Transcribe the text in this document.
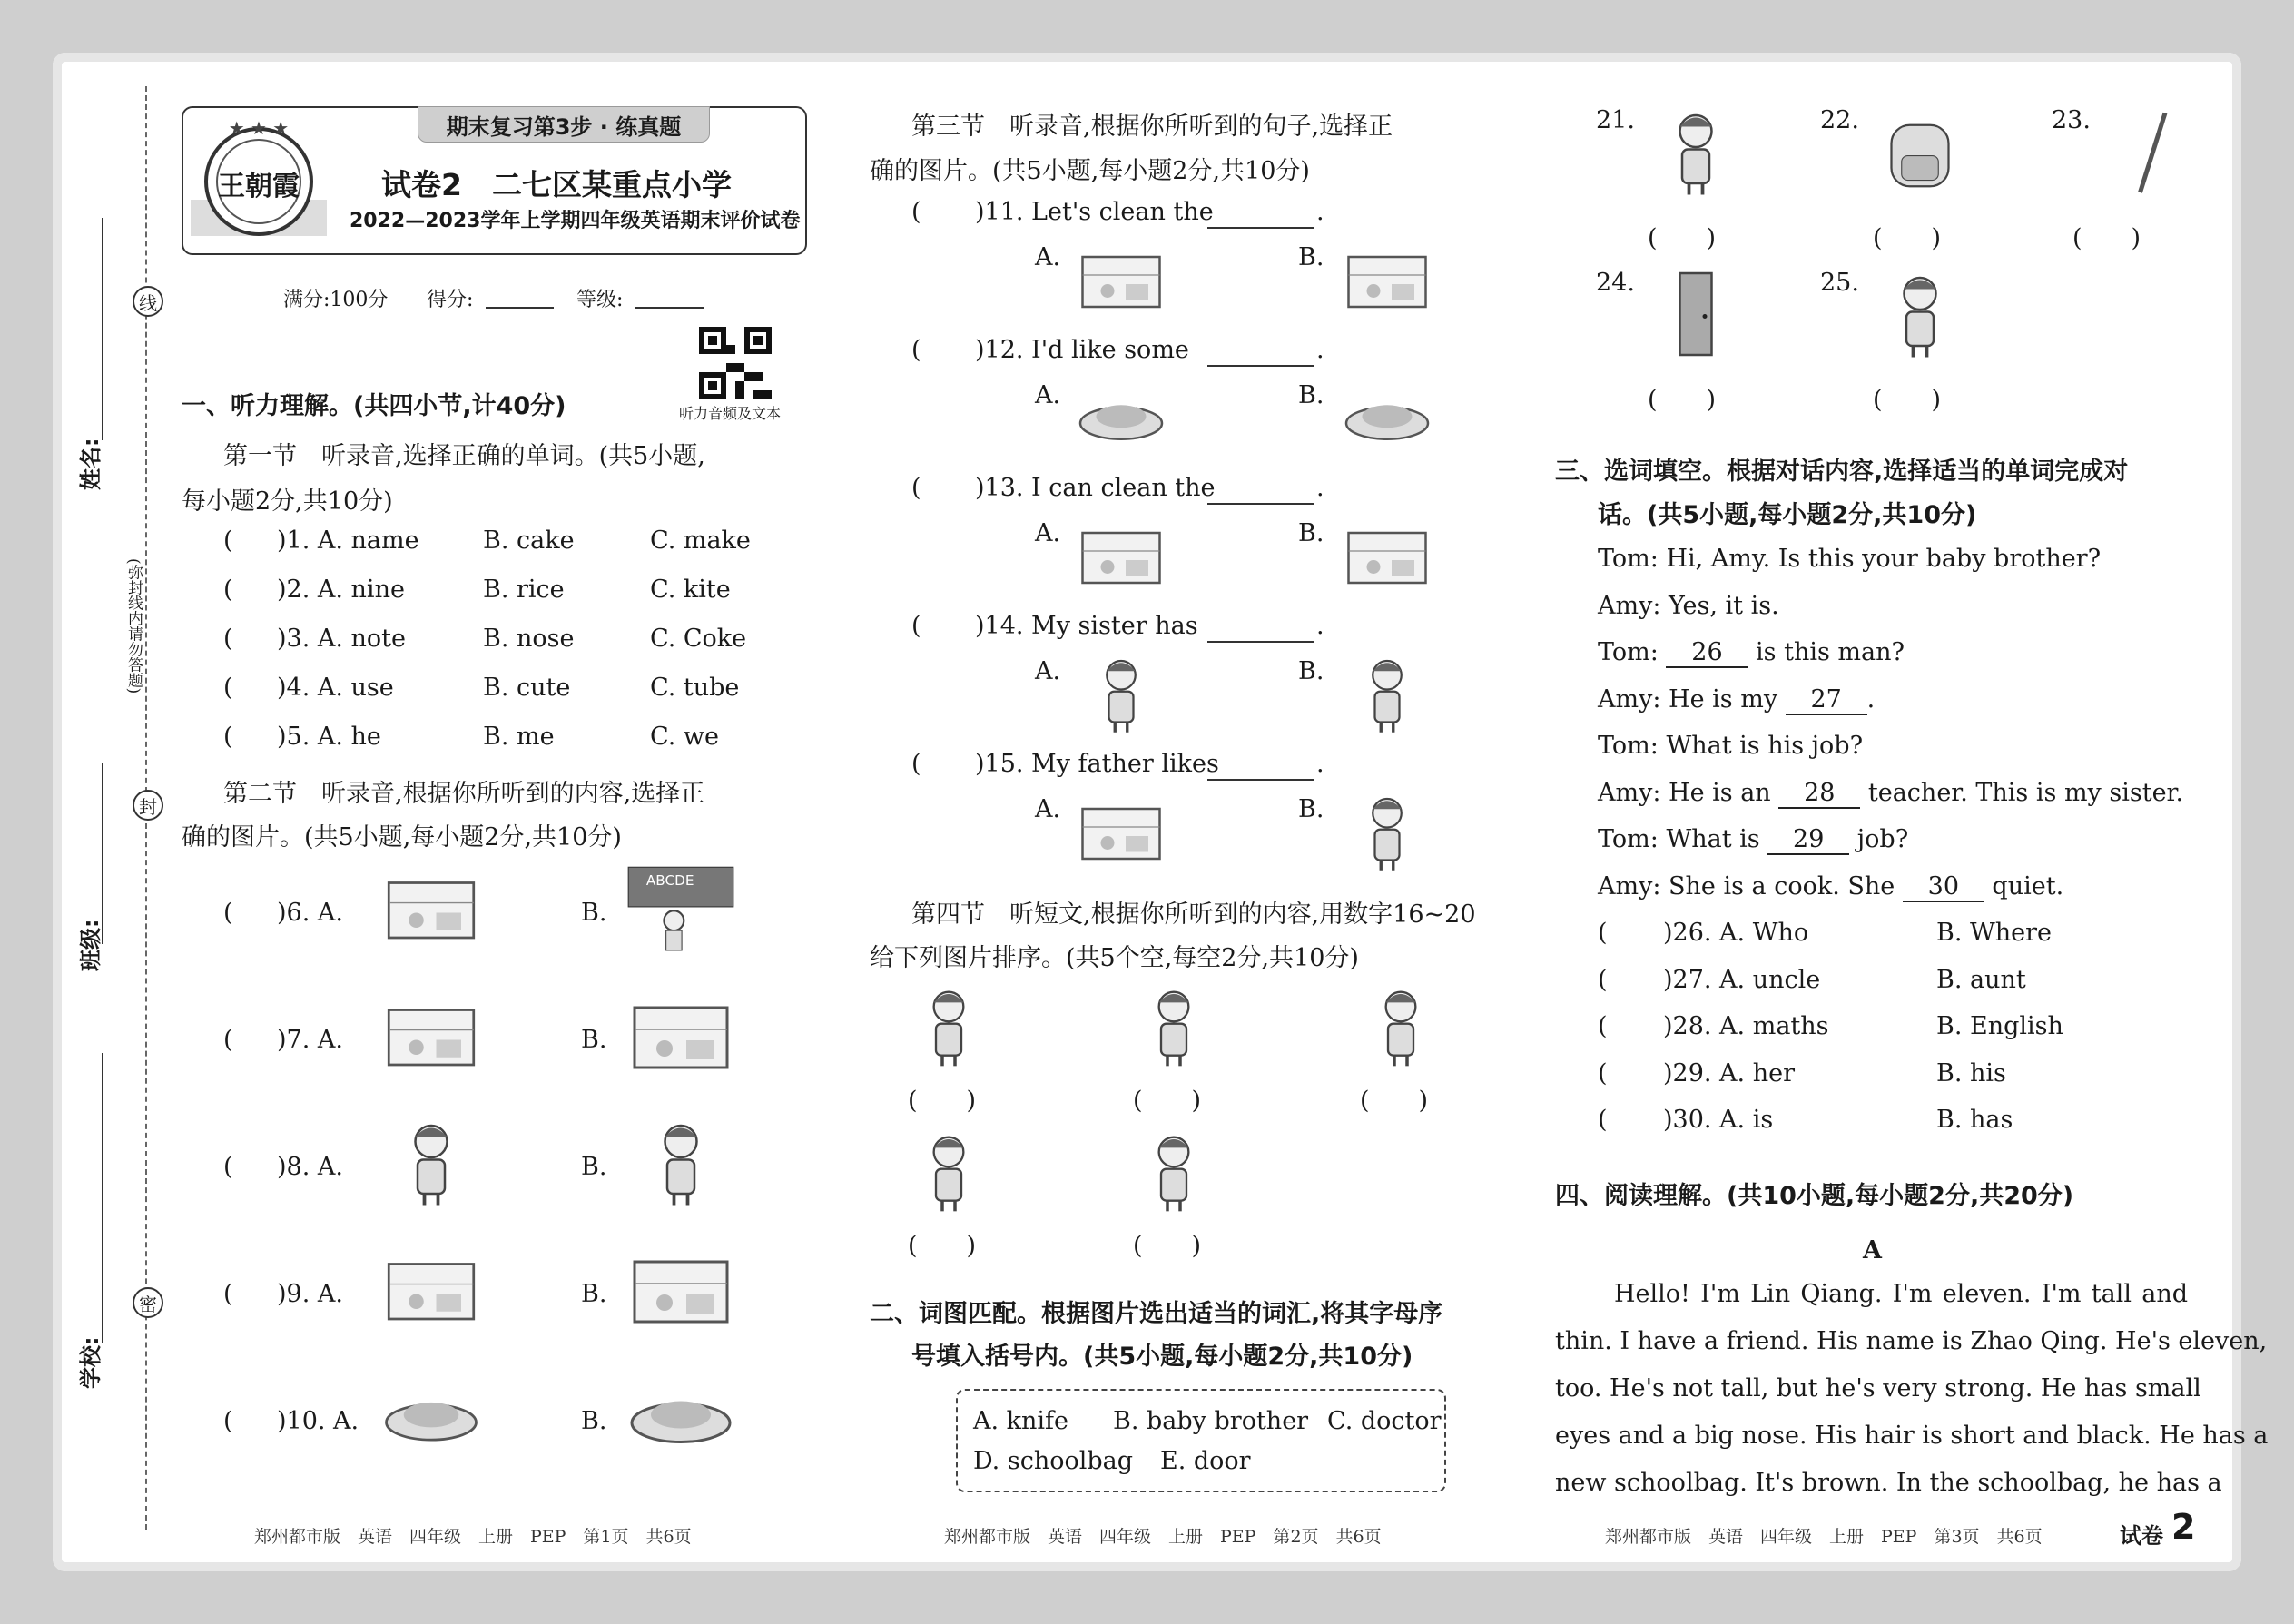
线
封
密
姓名:
班级:
学校:
(弥封线内请勿答题)
期末复习第3步 · 练真题
★ ★ ★
王朝霞	试卷2　二七区某重点小学
2022—2023学年上学期四年级英语期末评价试卷
满分:100分 得分:	等级:
听力音频及文本
一、听力理解。(共四小节,计40分)
第一节　听录音,选择正确的单词。(共5小题,
每小题2分,共10分)
第二节　听录音,根据你所听到的内容,选择正
确的图片。(共5小题,每小题2分,共10分)
郑州都市版　英语　四年级　上册　PEP　第1页　共6页
第三节　听录音,根据你所听到的句子,选择正
确的图片。(共5小题,每小题2分,共10分)
第四节　听短文,根据你所听到的内容,用数字16~20
给下列图片排序。(共5个空,每空2分,共10分)
二、词图匹配。根据图片选出适当的词汇,将其字母序
号填入括号内。(共5小题,每小题2分,共10分)
A. knife B. baby brother C. doctor
D. schoolbag E. door
郑州都市版　英语　四年级　上册　PEP　第2页　共6页
三、选词填空。根据对话内容,选择适当的单词完成对
话。(共5小题,每小题2分,共10分)
四、阅读理解。(共10小题,每小题2分,共20分)
A
郑州都市版　英语　四年级　上册　PEP　第3页　共6页	试卷 2
( )1. A. name	B. cake	C. make
( )2. A. nine	B. rice	C. kite
( )3. A. note	B. nose	C. Coke
( )4. A. use	B. cute	C. tube
( )5. A. he	B. me	C. we
( )6. A.	B.
ABCDE
( )7. A.	B.
( )8. A.	B.
( )9. A.	B.
( )10. A.	B.
( )11. Let's clean the	.
A.	B.
( )12. I'd like some	.
A.	B.
( )13. I can clean the	.
A.	B.
( )14. My sister has	.
A.	B.
( )15. My father likes	.
A.	B.
(　　)	(　　)	(　　)
(　　)	(　　)
21.
(　　)
22.
(　　)
23.
(　　)
24.
(　　)
25.
(　　)
Tom: Hi, Amy. Is this your baby brother?
Amy: Yes, it is.
Tom: 26 is this man?
Amy: He is my 27 .
Tom: What is his job?
Amy: He is an 28 teacher. This is my sister.
Tom: What is 29 job?
Amy: She is a cook. She 30 quiet.
( )26. A. Who	B. Where
( )27. A. uncle	B. aunt
( )28. A. maths	B. English
( )29. A. her	B. his
( )30. A. is	B. has
Hello! I'm Lin Qiang. I'm eleven. I'm tall and
thin. I have a friend. His name is Zhao Qing. He's eleven,
too. He's not tall, but he's very strong. He has small
eyes and a big nose. His hair is short and black. He has a
new schoolbag. It's brown. In the schoolbag, he has a
